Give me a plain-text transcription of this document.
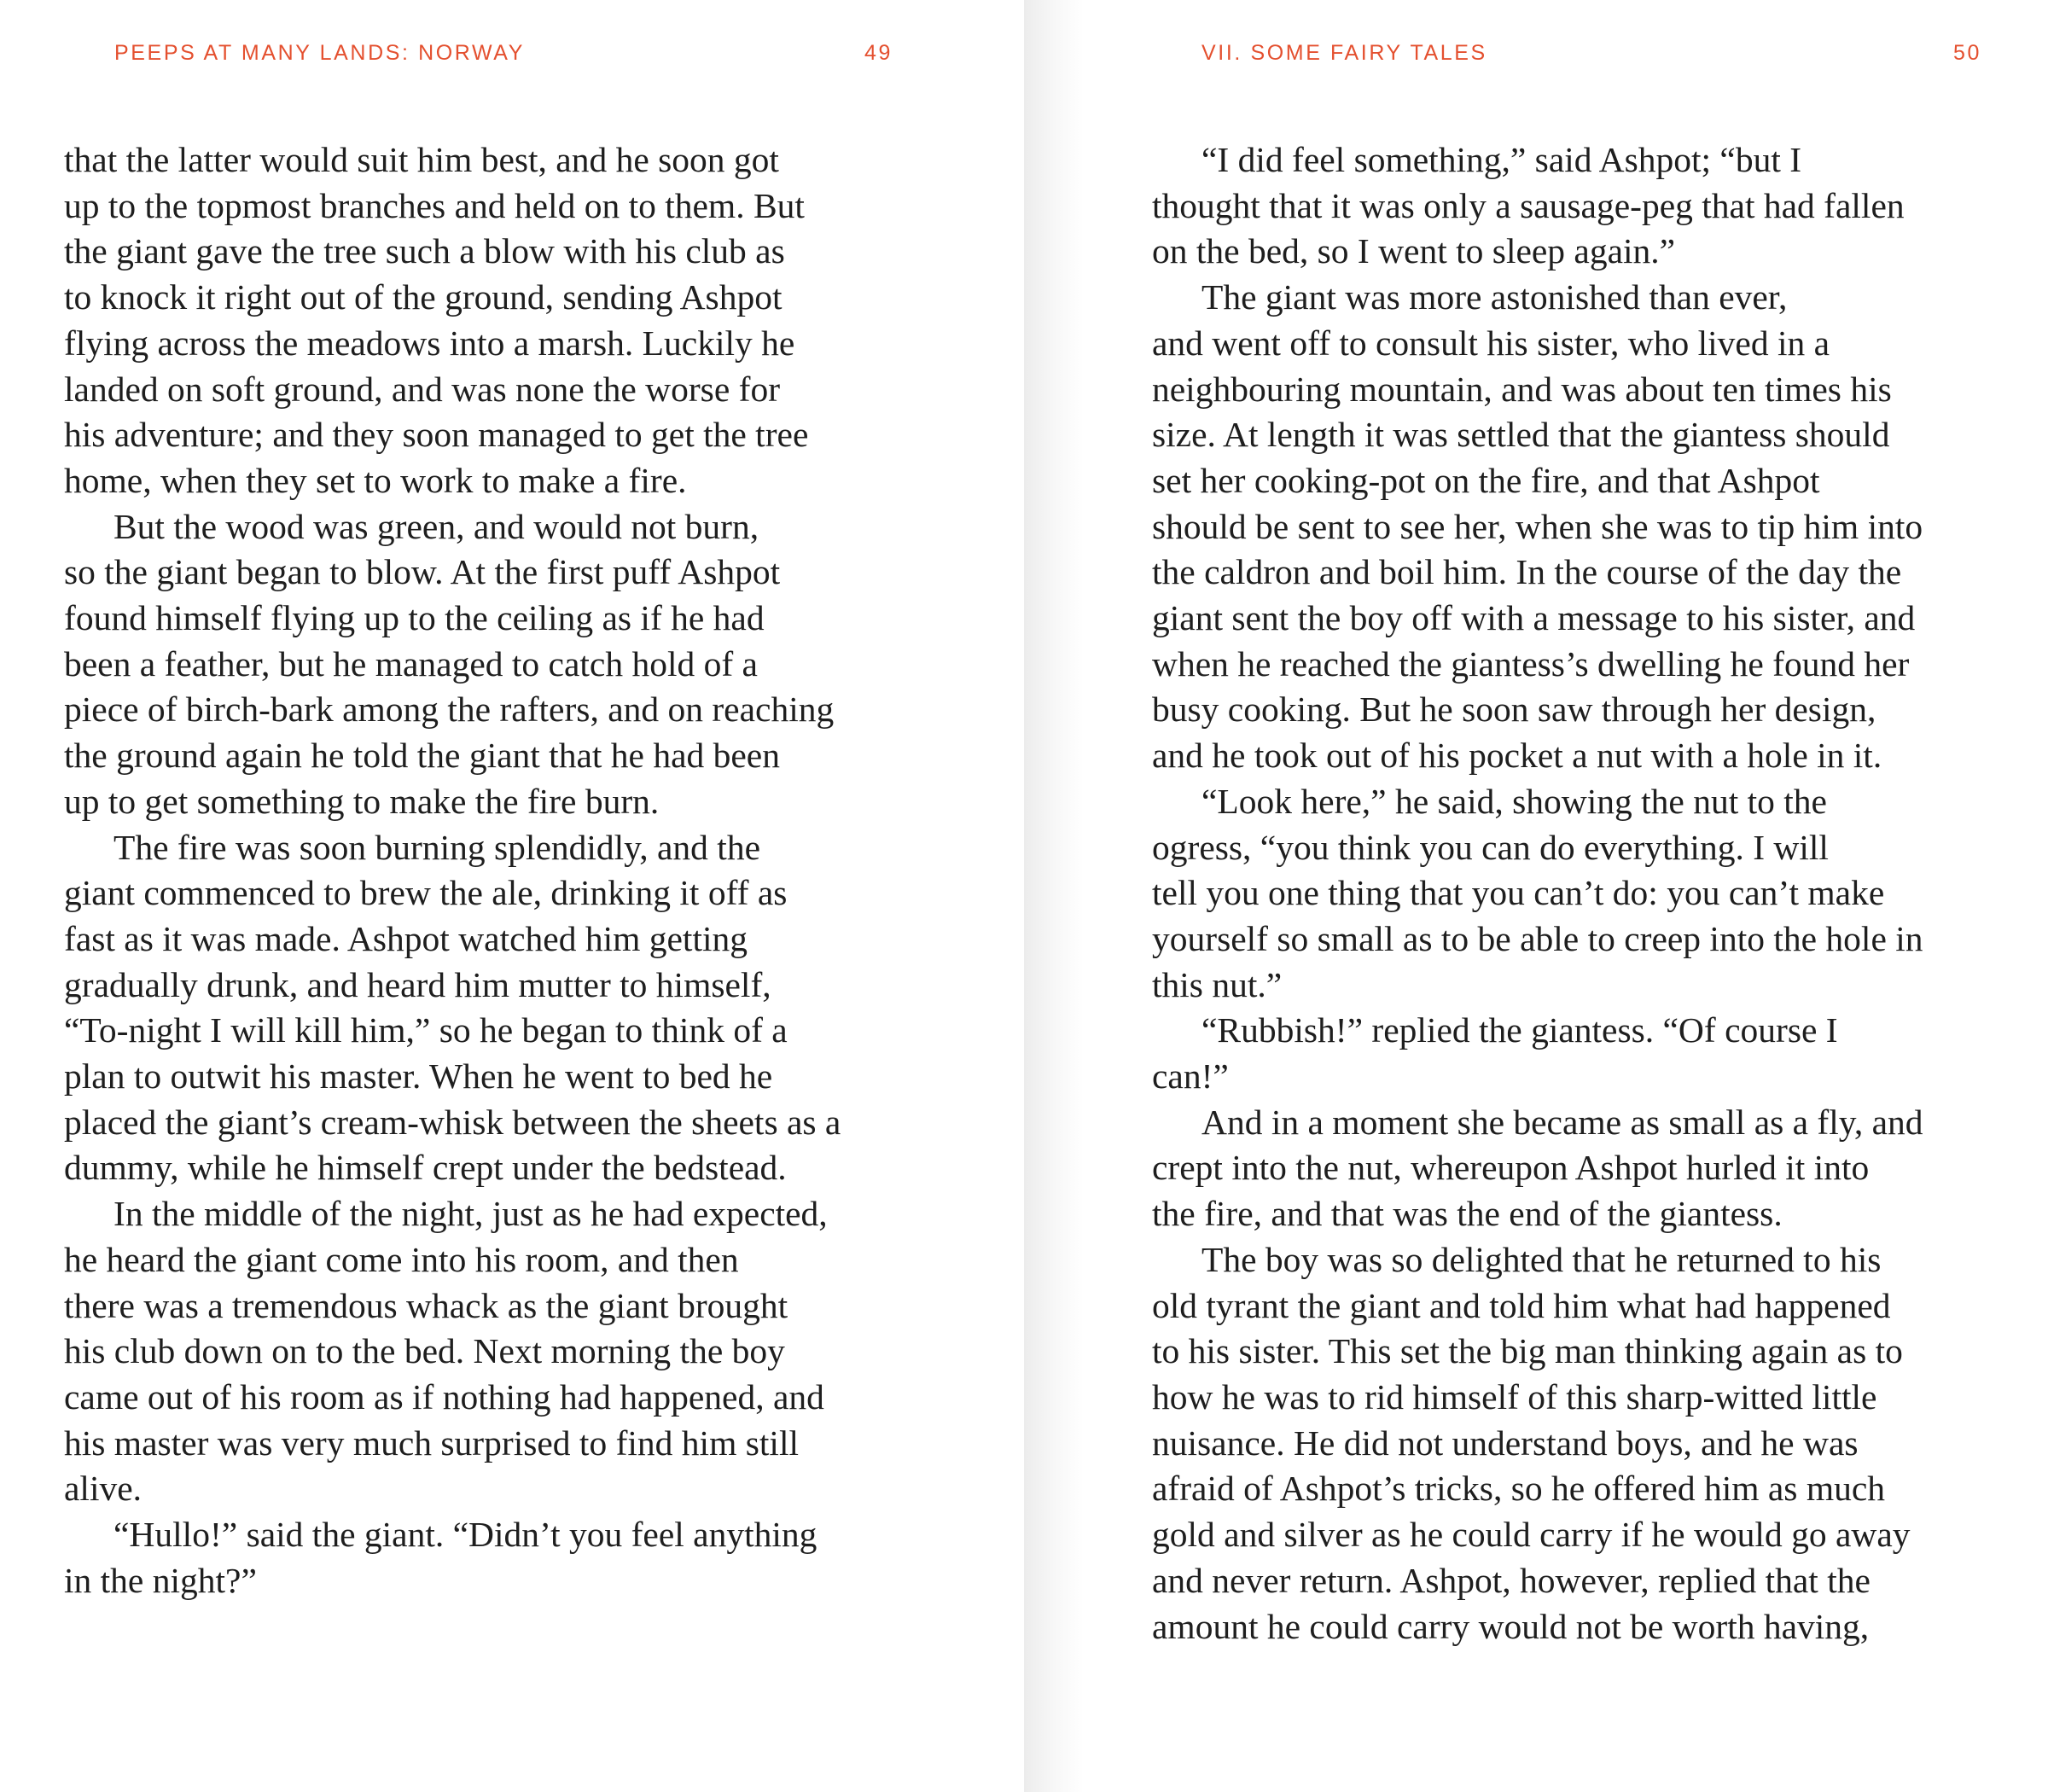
PEEPS AT MANY LANDS: NORWAY	49
that the latter would suit him best, and he soon got
up to the topmost branches and held on to them. But
the giant gave the tree such a blow with his club as
to knock it right out of the ground, sending Ashpot
flying across the meadows into a marsh. Luckily he
landed on soft ground, and was none the worse for
his adventure; and they soon managed to get the tree
home, when they set to work to make a fire.
But the wood was green, and would not burn,
so the giant began to blow. At the first puff Ashpot
found himself flying up to the ceiling as if he had
been a feather, but he managed to catch hold of a
piece of birch-bark among the rafters, and on reaching
the ground again he told the giant that he had been
up to get something to make the fire burn.
The fire was soon burning splendidly, and the
giant commenced to brew the ale, drinking it off as
fast as it was made. Ashpot watched him getting
gradually drunk, and heard him mutter to himself,
“To-night I will kill him,” so he began to think of a
plan to outwit his master. When he went to bed he
placed the giant’s cream-whisk between the sheets as a
dummy, while he himself crept under the bedstead.
In the middle of the night, just as he had expected,
he heard the giant come into his room, and then
there was a tremendous whack as the giant brought
his club down on to the bed. Next morning the boy
came out of his room as if nothing had happened, and
his master was very much surprised to find him still
alive.
“Hullo!” said the giant. “Didn’t you feel anything
in the night?”
VII. SOME FAIRY TALES	50
“I did feel something,” said Ashpot; “but I
thought that it was only a sausage-peg that had fallen
on the bed, so I went to sleep again.”
The giant was more astonished than ever,
and went off to consult his sister, who lived in a
neighbouring mountain, and was about ten times his
size. At length it was settled that the giantess should
set her cooking-pot on the fire, and that Ashpot
should be sent to see her, when she was to tip him into
the caldron and boil him. In the course of the day the
giant sent the boy off with a message to his sister, and
when he reached the giantess’s dwelling he found her
busy cooking. But he soon saw through her design,
and he took out of his pocket a nut with a hole in it.
“Look here,” he said, showing the nut to the
ogress, “you think you can do everything. I will
tell you one thing that you can’t do: you can’t make
yourself so small as to be able to creep into the hole in
this nut.”
“Rubbish!” replied the giantess. “Of course I
can!”
And in a moment she became as small as a fly, and
crept into the nut, whereupon Ashpot hurled it into
the fire, and that was the end of the giantess.
The boy was so delighted that he returned to his
old tyrant the giant and told him what had happened
to his sister. This set the big man thinking again as to
how he was to rid himself of this sharp-witted little
nuisance. He did not understand boys, and he was
afraid of Ashpot’s tricks, so he offered him as much
gold and silver as he could carry if he would go away
and never return. Ashpot, however, replied that the
amount he could carry would not be worth having,
